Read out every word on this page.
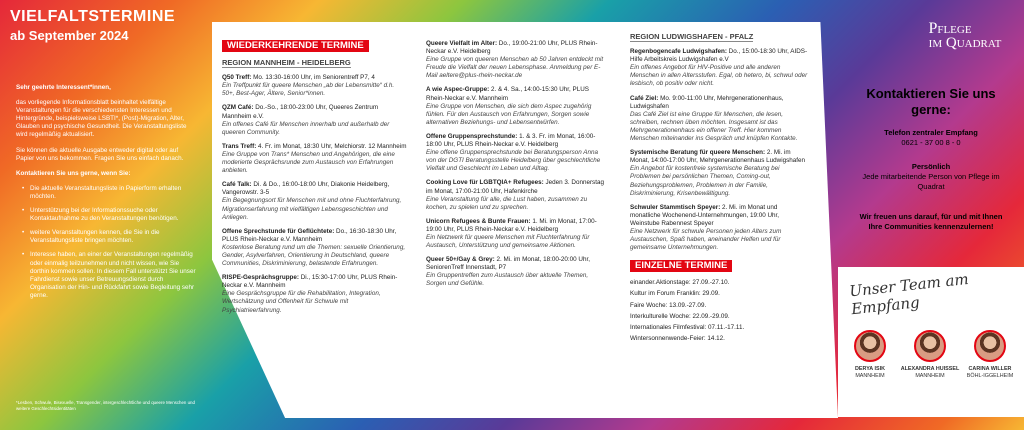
VIELFALTSTERMINE
ab September 2024

Sehr geehrte Interessent*innen,

das vorliegende Informationsblatt beinhaltet vielfältige Veranstaltungen für die verschiedensten Interessen und Hintergründe, beispielsweise LSBTI*, (Post)-Migration, Alter, Glauben und psychische Gesundheit. Die Veranstaltungsliste wird regelmäßig aktualisiert.

Sie können die aktuelle Ausgabe entweder digital oder auf Papier von uns bekommen. Fragen Sie uns einfach danach.

Kontaktieren Sie uns gerne, wenn Sie:

• Die aktuelle Veranstaltungsliste in Papierform erhalten möchten.
• Unterstützung bei der Informationssuche oder Kontaktaufnahme zu den Veranstaltungen benötigen.
• weitere Veranstaltungen kennen, die Sie in die Veranstaltungsliste bringen möchten.
• Interesse haben, an einer der Veranstaltungen regelmäßig oder einmalig teilzunehmen und nicht wissen, wie Sie dorthin kommen sollen. In diesem Fall unterstützt Sie unser Fahrdienst sowie unser Betreuungsdienst durch Organisation der Hin- und Rückfahrt sowie Begleitung sehr gerne.
*Lesben, Schwule, Bisexuelle, Transgender, intergeschlechtliche und queere Menschen und weitere Geschlechtsidentitäten
WIEDERKEHRENDE TERMINE
REGION MANNHEIM - HEIDELBERG
Q50 Treff: Mo. 13:30-16:00 Uhr, im Seniorentreff P7, 4
Ein Treffpunkt für queere Menschen „ab der Lebensmitte“ d.h. 50+, Best-Ager, Ältere, Senior*innen.
QZM Café: Do.-So., 18:00-23:00 Uhr, Queeres Zentrum Mannheim e.V.
Ein offenes Café für Menschen innerhalb und außerhalb der queeren Community.
Trans Treff: 4. Fr. im Monat, 18:30 Uhr, Melchiorstr. 12 Mannheim
Eine Gruppe von Trans* Menschen und Angehörigen, die eine moderierte Gesprächsrunde zum Austausch von Erfahrungen anbieten.
Café Talk: Di. & Do., 16:00-18:00 Uhr, Diakonie Heidelberg, Vangerowstr. 3-5
Ein Begegnungsort für Menschen mit und ohne Fluchterfahrung, Migrationserfahrung mit vielfältigen Lebensgeschichten und Anliegen.
Offene Sprechstunde für Geflüchtete: Do., 16:30-18:30 Uhr, PLUS Rhein-Neckar e.V. Mannheim
Kostenlose Beratung rund um die Themen: sexuelle Orientierung, Gender, Asylverfahren, Orientierung in Deutschland, queere Communities, Diskriminierung, belastende Erfahrungen.
RISPE-Gesprächsgruppe: Di., 15:30-17:00 Uhr, PLUS Rhein-Neckar e.V. Mannheim
Eine Gesprächsgruppe für die Rehabilitation, Integration, Wertschätzung und Offenheit für Schwule mit Psychiatrieerfahrung.
Queere Vielfalt im Alter: Do., 19:00-21:00 Uhr, PLUS Rhein-Neckar e.V. Heidelberg
Eine Gruppe von queeren Menschen ab 50 Jahren entdeckt mit Freude die Vielfalt der neuen Lebensphase. Anmeldung per E-Mail aeltere@plus-rhein-neckar.de
A wie Aspec-Gruppe: 2. & 4. Sa., 14:00-15:30 Uhr, PLUS Rhein-Neckar e.V. Mannheim
Eine Gruppe von Menschen, die sich dem Aspec zugehörig fühlen. Für den Austausch von Erfahrungen, Sorgen sowie alternativen Beziehungs- und Lebensentwürfen.
Offene Gruppensprechstunde: 1. & 3. Fr. im Monat, 16:00-18:00 Uhr, PLUS Rhein-Neckar e.V. Heidelberg
Eine offene Gruppensprechstunde bei Beratungsperson Anna von der DGTI Beratungsstelle Heidelberg über geschlechtliche Vielfalt und Geschlecht im Leben und Alltag.
Cooking Love für LGBTQIA+ Refugees: Jeden 3. Donnerstag im Monat, 17:00-21:00 Uhr, Hafenkirche
Eine Veranstaltung für alle, die Lust haben, zusammen zu kochen, zu spielen und zu sprechen.
Unicorn Refugees & Bunte Frauen: 1. Mi. im Monat, 17:00-19:00 Uhr, PLUS Rhein-Neckar e.V. Heidelberg
Ein Netzwerk für queere Menschen mit Fluchterfahrung für Austausch, Unterstützung und gemeinsame Aktionen.
Queer 50+/Gay & Grey: 2. Mi. im Monat, 18:00-20:00 Uhr, SeniorenTreff Innenstadt, P7
Ein Gruppentreffen zum Austausch über aktuelle Themen, Sorgen und Gefühle.
REGION LUDWIGSHAFEN - PFALZ
Regenbogencafe Ludwigshafen: Do., 15:00-18:30 Uhr, AIDS-Hilfe Arbeitskreis Ludwigshafen e.V
Ein offenes Angebot für HIV-Positive und alle anderen Menschen in allen Altersstufen. Egal, ob hetero, bi, schwul oder lesbisch, ob positiv oder nicht.
Café Ziel: Mo. 9:00-11:00 Uhr, Mehrgenerationenhaus, Ludwigshafen
Das Café Ziel ist eine Gruppe für Menschen, die lesen, schreiben, rechnen üben möchten. Insgesamt ist das Mehrgenerationenhaus ein offener Treff. Hier kommen Menschen miteinander ins Gespräch und knüpfen Kontakte.
Systemische Beratung für queere Menschen: 2. Mi. im Monat, 14:00-17:00 Uhr, Mehrgenerationenhaus Ludwigshafen
Ein Angebot für kostenfreie systemische Beratung bei Problemen bei persönlichen Themen, Coming-out, Beziehungsproblemen, Problemen in der Familie, Diskriminierung, Krisenbewältigung.
Schwuler Stammtisch Speyer: 2. Mi. im Monat und monatliche Wochenend-Unternehmungen, 19:00 Uhr, Weinstube Rabennest Speyer
Eine Netzwerk für schwule Personen jeden Alters zum Austauschen, Spaß haben, aneinander Helfen und für gemeinsame Unternehmungen.
EINZELNE TERMINE
einander.Aktionstage: 27.09.-27.10.
Kultur im Forum Franklin: 29.09.
Faire Woche: 13.09.-27.09.
Interkulturelle Woche: 22.09.-29.09.
Internationales Filmfestival: 07.11.-17.11.
Wintersonnenwende-Feier: 14.12.
Pflege
im Quadrat
Kontaktieren Sie uns gerne:
Telefon zentraler Empfang
0621 - 37 00 8 - 0
Persönlich
Jede mitarbeitende Person von Pflege im Quadrat
Wir freuen uns darauf, für und mit Ihnen Ihre Communities kennenzulernen!
Unser Team am Empfang
DERYA ISIK
MANNHEIM
ALEXANDRA HUISSEL
MANNHEIM
CARINA WILLER
BÖHL-IGGELHEIM
